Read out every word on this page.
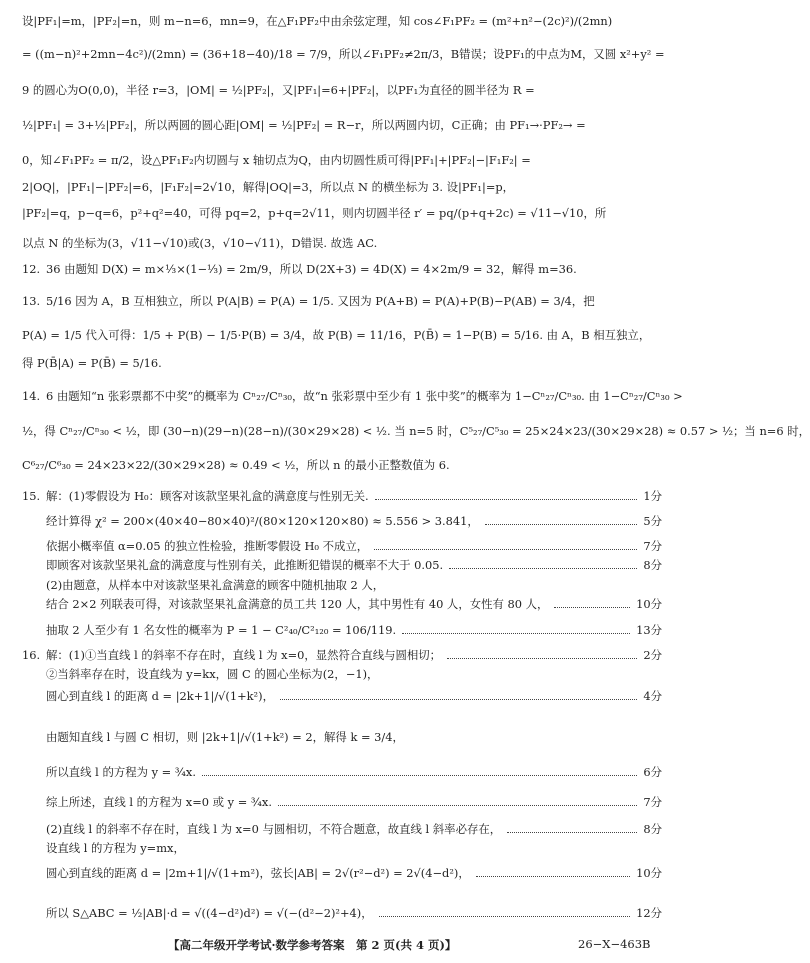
设|PF₁|=m，|PF₂|=n，则 m−n=6，mn=9，在△F₁PF₂中由余弦定理，知 cos∠F₁PF₂ = (m²+n²−(2c)²)/(2mn)
= ((m−n)²+2mn−4c²)/(2mn) = (36+18−40)/18 = 7/9，所以∠F₁PF₂≠2π/3，B错误；设PF₁的中点为M，又圆 x²+y² =
9 的圆心为O(0,0)，半径 r=3，|OM| = ½|PF₂|，又|PF₁|=6+|PF₂|，以PF₁为直径的圆半径为 R =
½|PF₁| = 3+½|PF₂|，所以两圆的圆心距|OM| = ½|PF₂| = R−r，所以两圆内切，C正确；由 PF₁→·PF₂→ =
0，知∠F₁PF₂ = π/2，设△PF₁F₂内切圆与 x 轴切点为Q，由内切圆性质可得|PF₁|+|PF₂|−|F₁F₂| =
2|OQ|，|PF₁|−|PF₂|=6，|F₁F₂|=2√10，解得|OQ|=3，所以点 N 的横坐标为 3. 设|PF₁|=p，
|PF₂|=q，p−q=6，p²+q²=40，可得 pq=2，p+q=2√11，则内切圆半径 r′ = pq/(p+q+2c) = √11−√10，所
以点 N 的坐标为(3，√11−√10)或(3，√10−√11)，D错误. 故选 AC.
12. 36 由题知 D(X) = m×⅓×(1−⅓) = 2m/9，所以 D(2X+3) = 4D(X) = 4×2m/9 = 32，解得 m=36.
13. 5/16 因为 A，B 互相独立，所以 P(A|B) = P(A) = 1/5. 又因为 P(A+B) = P(A)+P(B)−P(AB) = 3/4，把
P(A) = 1/5 代入可得：1/5 + P(B) − 1/5·P(B) = 3/4，故 P(B) = 11/16，P(B̄) = 1−P(B) = 5/16. 由 A，B 相互独立，
得 P(B̄|A) = P(B̄) = 5/16.
14. 6 由题知“n 张彩票都不中奖”的概率为 Cⁿ₂₇/Cⁿ₃₀，故“n 张彩票中至少有 1 张中奖”的概率为 1−Cⁿ₂₇/Cⁿ₃₀. 由 1−Cⁿ₂₇/Cⁿ₃₀ >
½，得 Cⁿ₂₇/Cⁿ₃₀ < ½，即 (30−n)(29−n)(28−n)/(30×29×28) < ½. 当 n=5 时，C⁵₂₇/C⁵₃₀ = 25×24×23/(30×29×28) ≈ 0.57 > ½；当 n=6 时，
C⁶₂₇/C⁶₃₀ = 24×23×22/(30×29×28) ≈ 0.49 < ½，所以 n 的最小正整数值为 6.
15. 解：(1)零假设为 H₀：顾客对该款坚果礼盒的满意度与性别无关.	1分
经计算得 χ² = 200×(40×40−80×40)²/(80×120×120×80) ≈ 5.556 > 3.841，	5分
依据小概率值 α=0.05 的独立性检验，推断零假设 H₀ 不成立，	7分
即顾客对该款坚果礼盒的满意度与性别有关，此推断犯错误的概率不大于 0.05.	8分
(2)由题意，从样本中对该款坚果礼盒满意的顾客中随机抽取 2 人，
结合 2×2 列联表可得，对该款坚果礼盒满意的员工共 120 人，其中男性有 40 人，女性有 80 人，	10分
抽取 2 人至少有 1 名女性的概率为 P = 1 − C²₄₀/C²₁₂₀ = 106/119.	13分
16. 解：(1)①当直线 l 的斜率不存在时，直线 l 为 x=0，显然符合直线与圆相切；	2分
②当斜率存在时，设直线为 y=kx，圆 C 的圆心坐标为(2，−1)，
圆心到直线 l 的距离 d = |2k+1|/√(1+k²)，	4分
由题知直线 l 与圆 C 相切，则 |2k+1|/√(1+k²) = 2，解得 k = 3/4，
所以直线 l 的方程为 y = ¾x.	6分
综上所述，直线 l 的方程为 x=0 或 y = ¾x.	7分
(2)直线 l 的斜率不存在时，直线 l 为 x=0 与圆相切，不符合题意，故直线 l 斜率必存在，	8分
设直线 l 的方程为 y=mx，
圆心到直线的距离 d = |2m+1|/√(1+m²)，弦长|AB| = 2√(r²−d²) = 2√(4−d²)，	10分
所以 S△ABC = ½|AB|·d = √((4−d²)d²) = √(−(d²−2)²+4)，	12分
【高二年级开学考试·数学参考答案　第 2 页(共 4 页)】	26−X−463B
